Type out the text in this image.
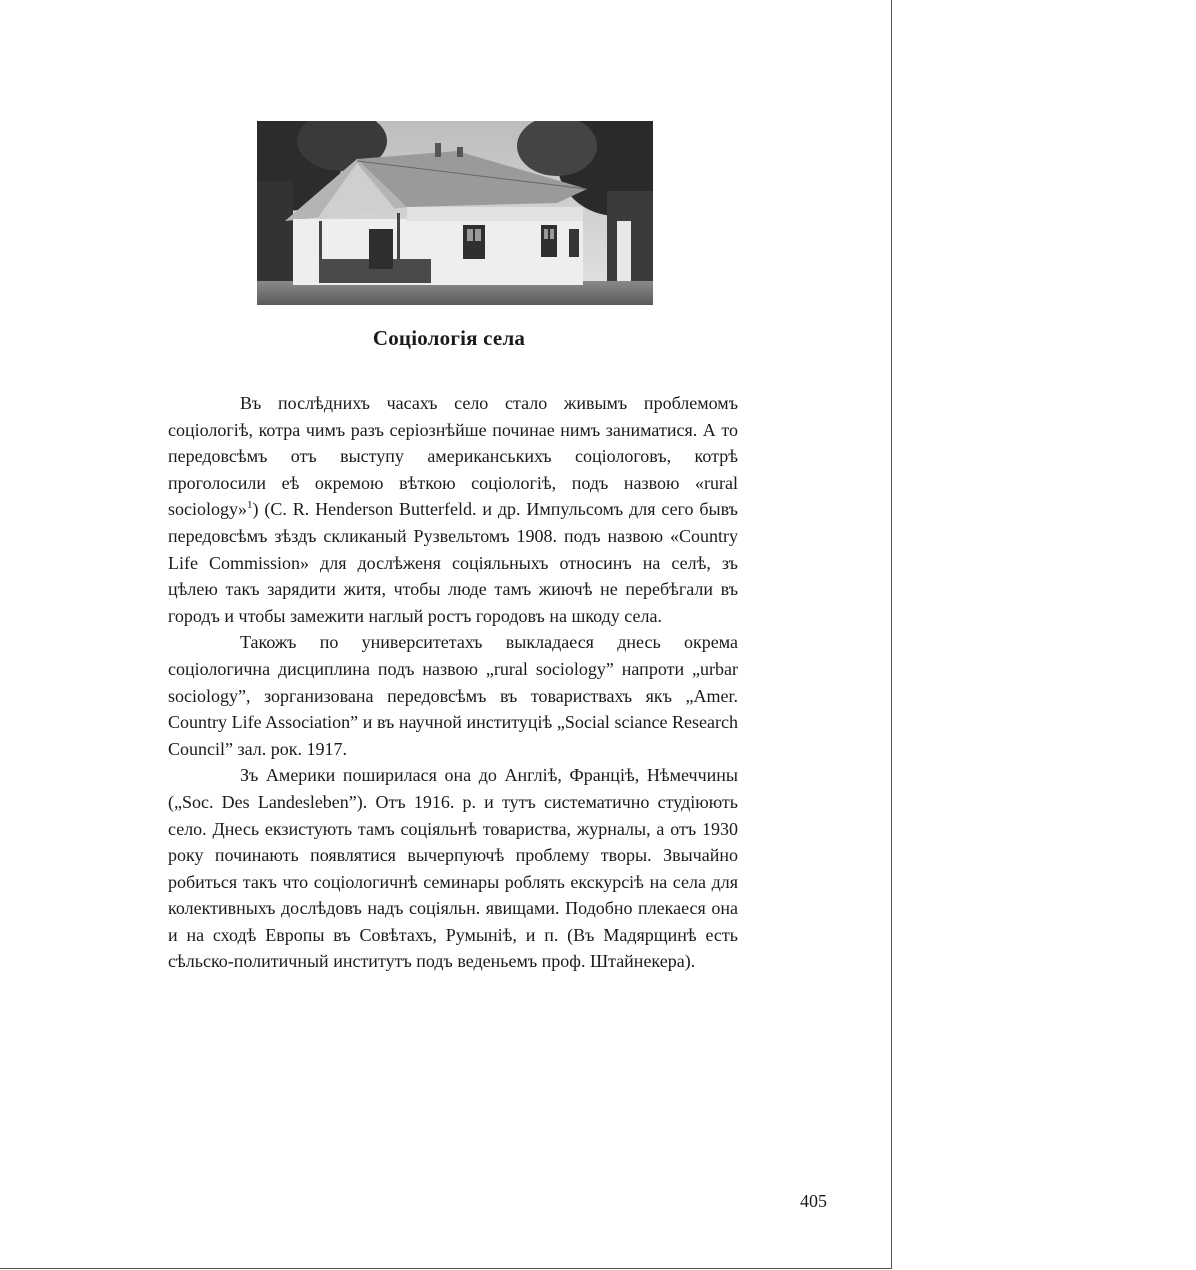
Соціологія села

Въ послѣднихъ часахъ село стало живымъ проблемомъ соціологіѣ, котра чимъ разъ серіознѣйше починае нимъ заниматися. А то передовсѣмъ отъ выступу американськихъ соціологовъ, котрѣ проголосили еѣ окремою вѣткою соціологіѣ, подъ назвою «rural sociology»$^1$) (C. R. Henderson Butterfeld. и др. Импульсомъ для сего бывъ передовсѣмъ зѣздъ скликаный Рузвельтомъ 1908. подъ назвою «Country Life Commission» для дослѣженя соціяльныхъ относинъ на селѣ, зъ цѣлею такъ зарядити житя, чтобы люде тамъ жиючѣ не перебѣгали въ городъ и чтобы замежити наглый ростъ городовъ на шкоду села.

Такожъ по университетахъ выкладаеся днесь окрема соціологична дисциплина подъ назвою „rural sociology” напроти „urbar sociology”, зорганизована передовсѣмъ въ товариствахъ якъ „Amer. Country Life Association” и въ научной институціѣ „Social sciance Research Council” зал. рок. 1917.

Зъ Америки поширилася она до Англіѣ, Франціѣ, Нѣмеччины („Soc. Des Landesleben”). Отъ 1916. р. и тутъ систематично студіюють село. Днесь екзистують тамъ соціяльнѣ товариства, журналы, а отъ 1930 року починають появлятися вычерпуючѣ проблему творы. Звычайно робиться такъ что соціологичнѣ семинары роблять екскурсіѣ на села для колективныхъ дослѣдовъ надъ соціяльн. явищами. Подобно плекаеся она и на сходѣ Европы въ Совѣтахъ, Румыніѣ, и п. (Въ Мадярщинѣ есть сѣльско-политичный институтъ подъ веденьемъ проф. Штайнекера).

405
